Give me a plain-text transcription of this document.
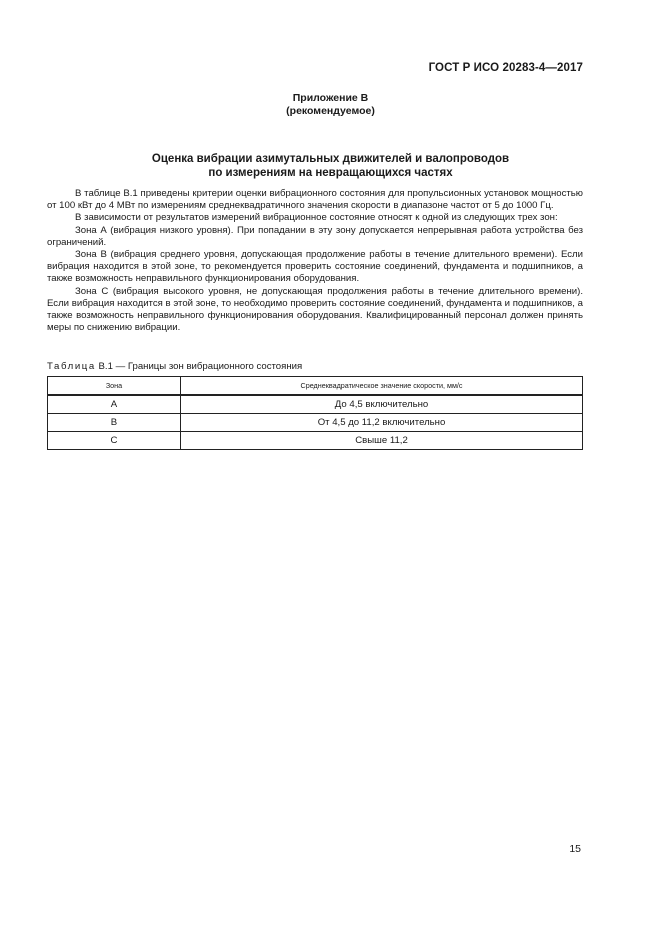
ГОСТ Р ИСО 20283-4—2017
Приложение В
(рекомендуемое)
Оценка вибрации азимутальных движителей и валопроводов
по измерениям на невращающихся частях

В таблице В.1 приведены критерии оценки вибрационного состояния для пропульсионных установок мощностью от 100 кВт до 4 МВт по измерениям среднеквадратичного значения скорости в диапазоне частот от 5 до 1000 Гц.

В зависимости от результатов измерений вибрационное состояние относят к одной из следующих трех зон:

Зона А (вибрация низкого уровня). При попадании в эту зону допускается непрерывная работа устройства без ограничений.

Зона В (вибрация среднего уровня, допускающая продолжение работы в течение длительного времени). Если вибрация находится в этой зоне, то рекомендуется проверить состояние соединений, фундамента и подшипников, а также возможность неправильного функционирования оборудования.

Зона С (вибрация высокого уровня, не допускающая продолжения работы в течение длительного времени). Если вибрация находится в этой зоне, то необходимо проверить состояние соединений, фундамента и подшипников, а также возможность неправильного функционирования оборудования. Квалифицированный персонал должен принять меры по снижению вибрации.

Таблица В.1 — Границы зон вибрационного состояния
Зона	Среднеквадратическое значение скорости, мм/с
А	До 4,5 включительно
В	От 4,5 до 11,2 включительно
С	Свыше 11,2
15
